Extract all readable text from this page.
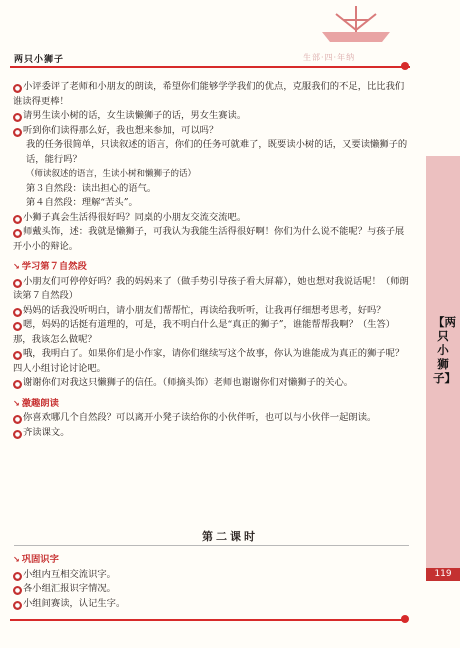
两只小狮子	生部·四·年纳

● 小评委评了老师和小朋友的朗读，希望你们能够学学我们的优点，克服我们的不足，比比我们谁读得更棒！

● 请男生读小树的话，女生读懒狮子的话，男女生赛读。

● 听到你们读得那么好，我也想来参加，可以吗？

我的任务很简单，只读叙述的语言，你们的任务可就难了，既要读小树的话，又要读懒狮子的话，能行吗？

（师读叙述的语言，生读小树和懒狮子的话）

第３自然段：读出担心的语气。

第４自然段：理解“苦头”。

● 小狮子真会生活得很好吗？同桌的小朋友交流交流吧。

● 师戴头饰，述：我就是懒狮子，可我认为我能生活得很好啊！你们为什么说不能呢？与孩子展开小小的辩论。

↘ 学习第７自然段

● 小朋友们可停停好吗？我的妈妈来了（做手势引导孩子看大屏幕），她也想对我说话呢！（师朗读第７自然段）

● 妈妈的话我没听明白，请小朋友们帮帮忙，再读给我听听，让我再仔细想考思考，好吗？

● 嗯，妈妈的话挺有道理的，可是，我不明白什么是“真正的狮子”，谁能帮帮我啊？（生答）那，我该怎么做呢？

● 哦，我明白了。如果你们是小作家，请你们继续写这个故事，你认为谁能成为真正的狮子呢？四人小组讨论讨论吧。

● 谢谢你们对我这只懒狮子的信任。（师摘头饰）老师也谢谢你们对懒狮子的关心。

↘ 激趣朗读

● 你喜欢哪几个自然段？可以离开小凳子读给你的小伙伴听，也可以与小伙伴一起朗读。

● 齐读课文。

第二课时
↘ 巩固识字

● 小组内互相交流识字。

● 各小组汇报识字情况。

● 小组间赛读，认记生字。

【两只小狮子】
119
